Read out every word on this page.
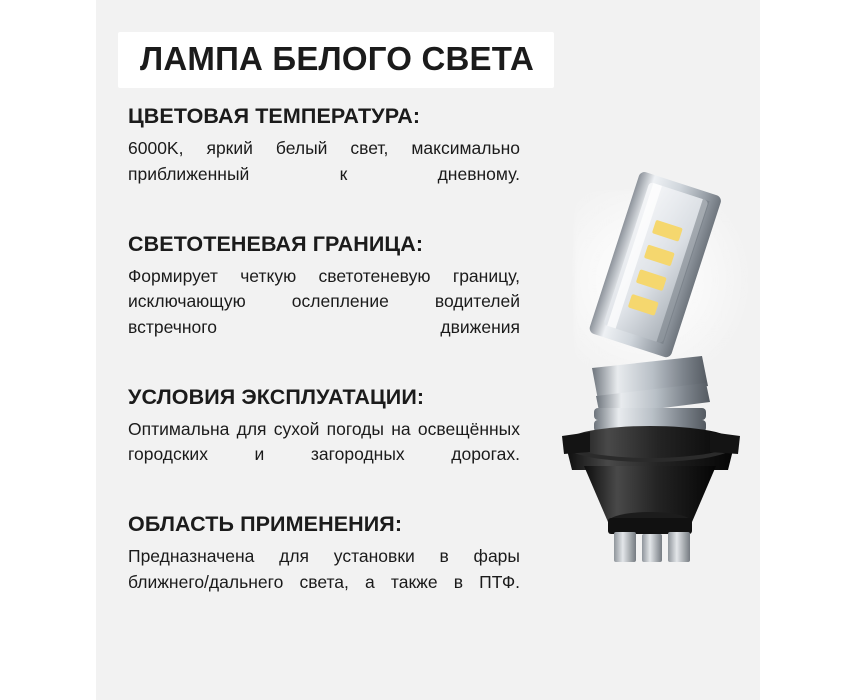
ЛАМПА БЕЛОГО СВЕТА
ЦВЕТОВАЯ ТЕМПЕРАТУРА:

6000K, яркий белый свет, максимально приближенный к дневному.

СВЕТОТЕНЕВАЯ ГРАНИЦА:

Формирует четкую светотеневую границу, исключающую ослепление водителей встречного движения

УСЛОВИЯ ЭКСПЛУАТАЦИИ:

Оптимальна для сухой погоды на освещённых городских и загородных дорогах.

ОБЛАСТЬ ПРИМЕНЕНИЯ:

Предназначена для установки в фары ближнего/дальнего света, а также в ПТФ.
